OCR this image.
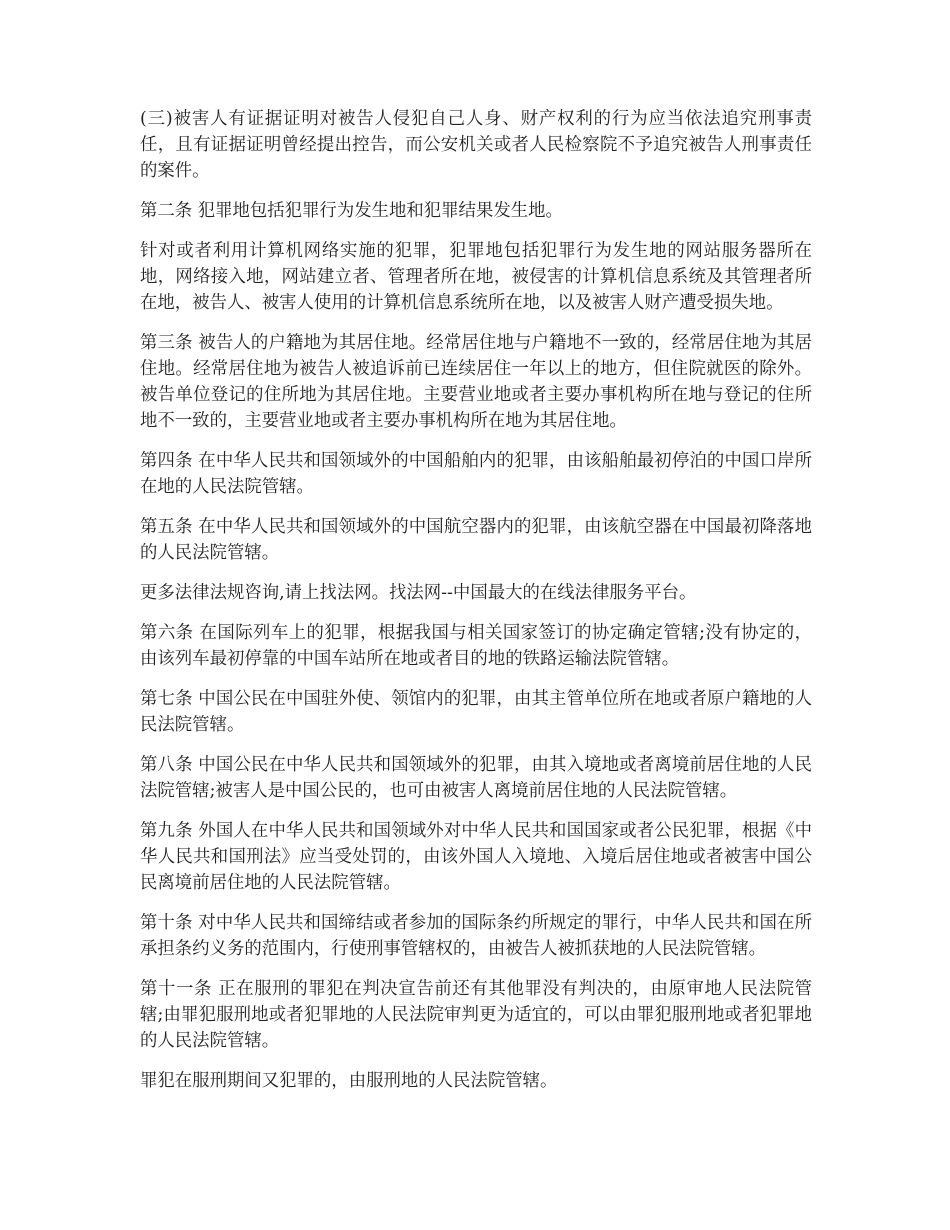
(三)被害人有证据证明对被告人侵犯自己人身、财产权利的行为应当依法追究刑事责任，且有证据证明曾经提出控告，而公安机关或者人民检察院不予追究被告人刑事责任的案件。

第二条 犯罪地包括犯罪行为发生地和犯罪结果发生地。

针对或者利用计算机网络实施的犯罪，犯罪地包括犯罪行为发生地的网站服务器所在地，网络接入地，网站建立者、管理者所在地，被侵害的计算机信息系统及其管理者所在地，被告人、被害人使用的计算机信息系统所在地，以及被害人财产遭受损失地。

第三条 被告人的户籍地为其居住地。经常居住地与户籍地不一致的，经常居住地为其居住地。经常居住地为被告人被追诉前已连续居住一年以上的地方，但住院就医的除外。 被告单位登记的住所地为其居住地。主要营业地或者主要办事机构所在地与登记的住所地不一致的，主要营业地或者主要办事机构所在地为其居住地。

第四条 在中华人民共和国领域外的中国船舶内的犯罪，由该船舶最初停泊的中国口岸所在地的人民法院管辖。

第五条 在中华人民共和国领域外的中国航空器内的犯罪，由该航空器在中国最初降落地的人民法院管辖。

更多法律法规咨询,请上找法网。找法网--中国最大的在线法律服务平台。

第六条 在国际列车上的犯罪，根据我国与相关国家签订的协定确定管辖;没有协定的，由该列车最初停靠的中国车站所在地或者目的地的铁路运输法院管辖。

第七条 中国公民在中国驻外使、领馆内的犯罪，由其主管单位所在地或者原户籍地的人民法院管辖。

第八条 中国公民在中华人民共和国领域外的犯罪，由其入境地或者离境前居住地的人民法院管辖;被害人是中国公民的，也可由被害人离境前居住地的人民法院管辖。

第九条 外国人在中华人民共和国领域外对中华人民共和国国家或者公民犯罪，根据《中华人民共和国刑法》应当受处罚的，由该外国人入境地、入境后居住地或者被害中国公民离境前居住地的人民法院管辖。

第十条 对中华人民共和国缔结或者参加的国际条约所规定的罪行，中华人民共和国在所承担条约义务的范围内，行使刑事管辖权的，由被告人被抓获地的人民法院管辖。

第十一条 正在服刑的罪犯在判决宣告前还有其他罪没有判决的，由原审地人民法院管辖;由罪犯服刑地或者犯罪地的人民法院审判更为适宜的，可以由罪犯服刑地或者犯罪地的人民法院管辖。

罪犯在服刑期间又犯罪的，由服刑地的人民法院管辖。
